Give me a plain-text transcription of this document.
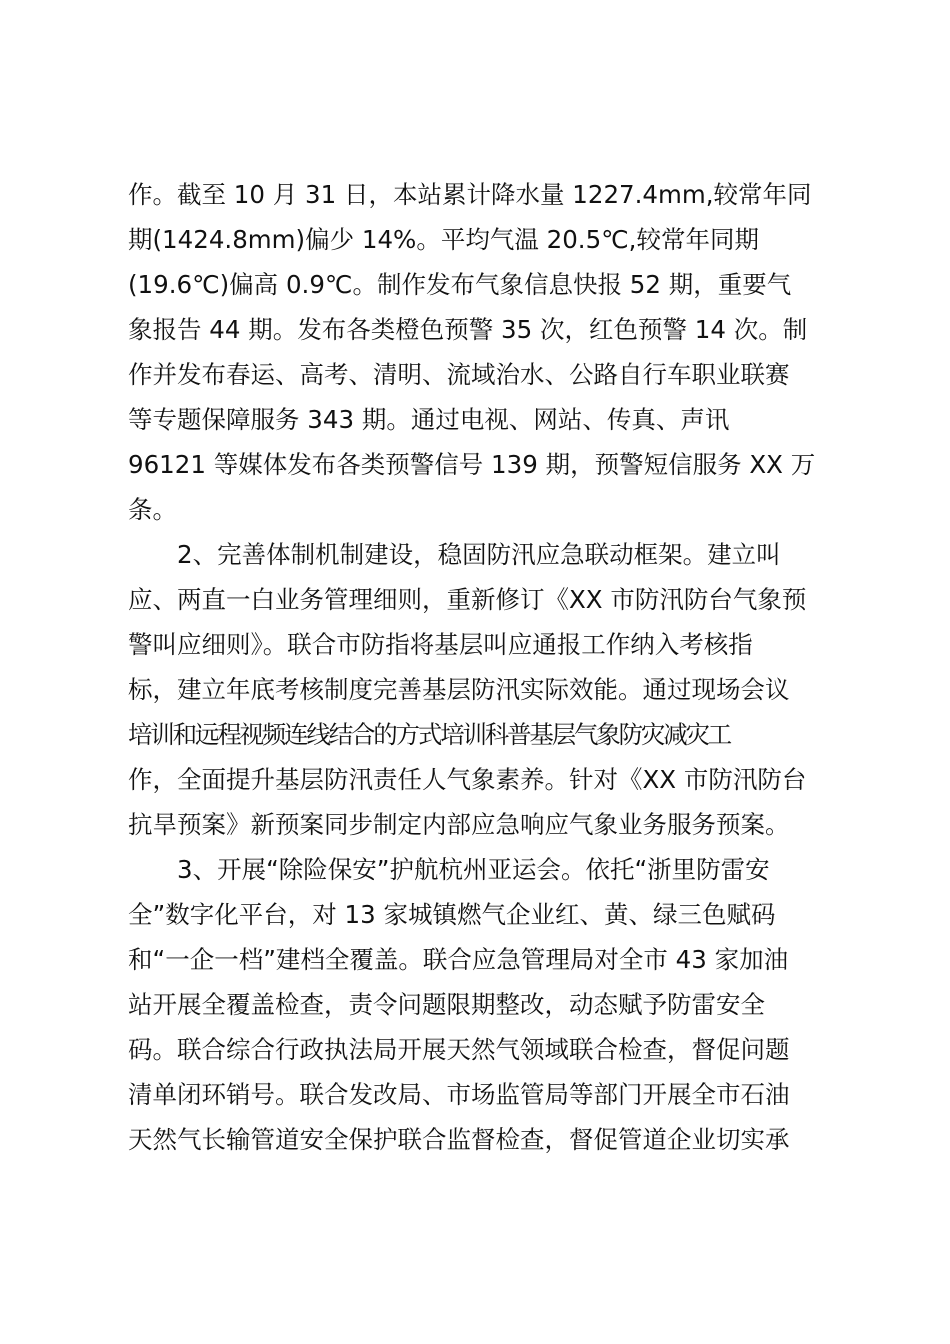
作。截至 10 月 31 日，本站累计降水量 1227.4mm,较常年同
期(1424.8mm)偏少 14%。平均气温 20.5℃,较常年同期
(19.6℃)偏高 0.9℃。制作发布气象信息快报 52 期，重要气
象报告 44 期。发布各类橙色预警 35 次，红色预警 14 次。制
作并发布春运、高考、清明、流域治水、公路自行车职业联赛
等专题保障服务 343 期。通过电视、网站、传真、声讯
96121 等媒体发布各类预警信号 139 期，预警短信服务 XX 万
条。
　　2、完善体制机制建设，稳固防汛应急联动框架。建立叫
应、两直一白业务管理细则，重新修订《XX 市防汛防台气象预
警叫应细则》。联合市防指将基层叫应通报工作纳入考核指
标，建立年底考核制度完善基层防汛实际效能。通过现场会议
培训和远程视频连线结合的方式培训科普基层气象防灾减灾工
作，全面提升基层防汛责任人气象素养。针对《XX 市防汛防台
抗旱预案》新预案同步制定内部应急响应气象业务服务预案。
　　3、开展“除险保安”护航杭州亚运会。依托“浙里防雷安
全”数字化平台，对 13 家城镇燃气企业红、黄、绿三色赋码
和“一企一档”建档全覆盖。联合应急管理局对全市 43 家加油
站开展全覆盖检查，责令问题限期整改，动态赋予防雷安全
码。联合综合行政执法局开展天然气领域联合检查，督促问题
清单闭环销号。联合发改局、市场监管局等部门开展全市石油
天然气长输管道安全保护联合监督检查，督促管道企业切实承
